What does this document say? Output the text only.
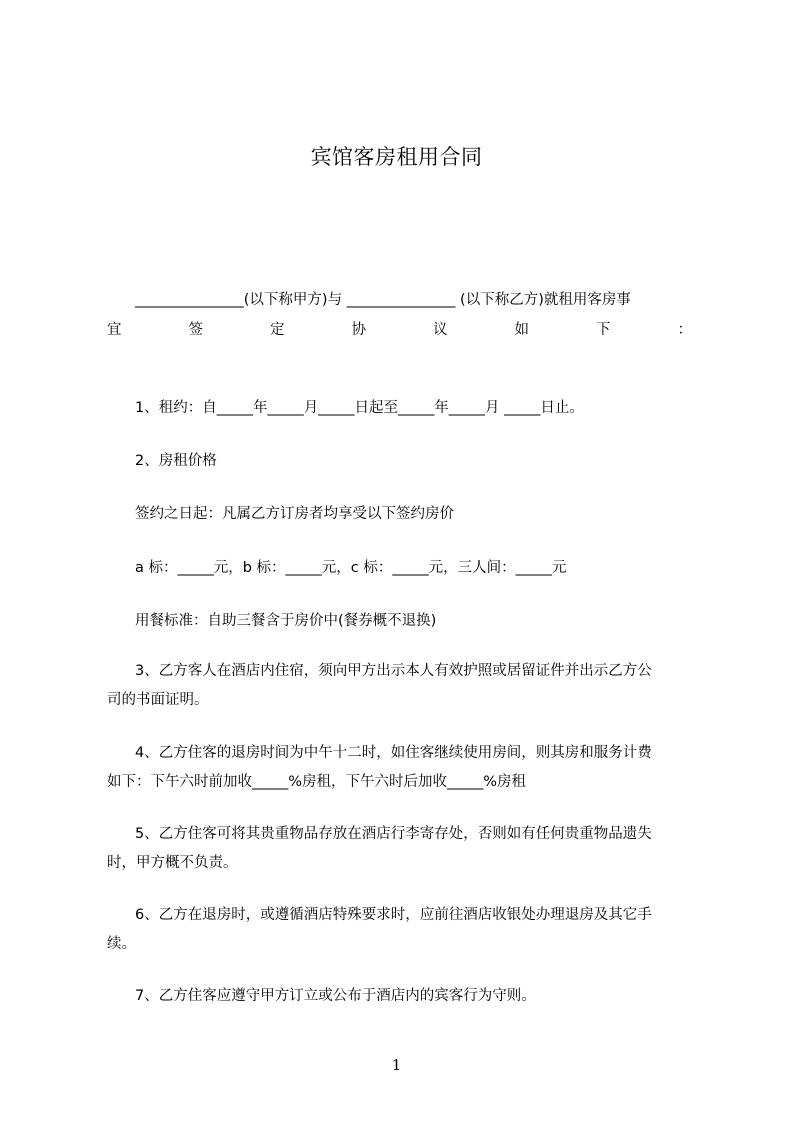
宾馆客房租用合同
_______________(以下称甲方)与 _______________ (以下称乙方)就租用客房事
宜	签	定	协	议	如	下	：
1、租约：自_____年_____月_____日起至_____年_____月 _____日止。
2、房租价格
签约之日起：凡属乙方订房者均享受以下签约房价
a 标：_____元，b 标：_____元，c 标：_____元，三人间：_____元
用餐标准：自助三餐含于房价中(餐券概不退换)
3、乙方客人在酒店内住宿，须向甲方出示本人有效护照或居留证件并出示乙方公
司的书面证明。
4、乙方住客的退房时间为中午十二时，如住客继续使用房间，则其房和服务计费
如下：下午六时前加收_____%房租，下午六时后加收_____%房租
5、乙方住客可将其贵重物品存放在酒店行李寄存处，否则如有任何贵重物品遗失
时，甲方概不负责。
6、乙方在退房时，或遵循酒店特殊要求时，应前往酒店收银处办理退房及其它手
续。
7、乙方住客应遵守甲方订立或公布于酒店内的宾客行为守则。
1
